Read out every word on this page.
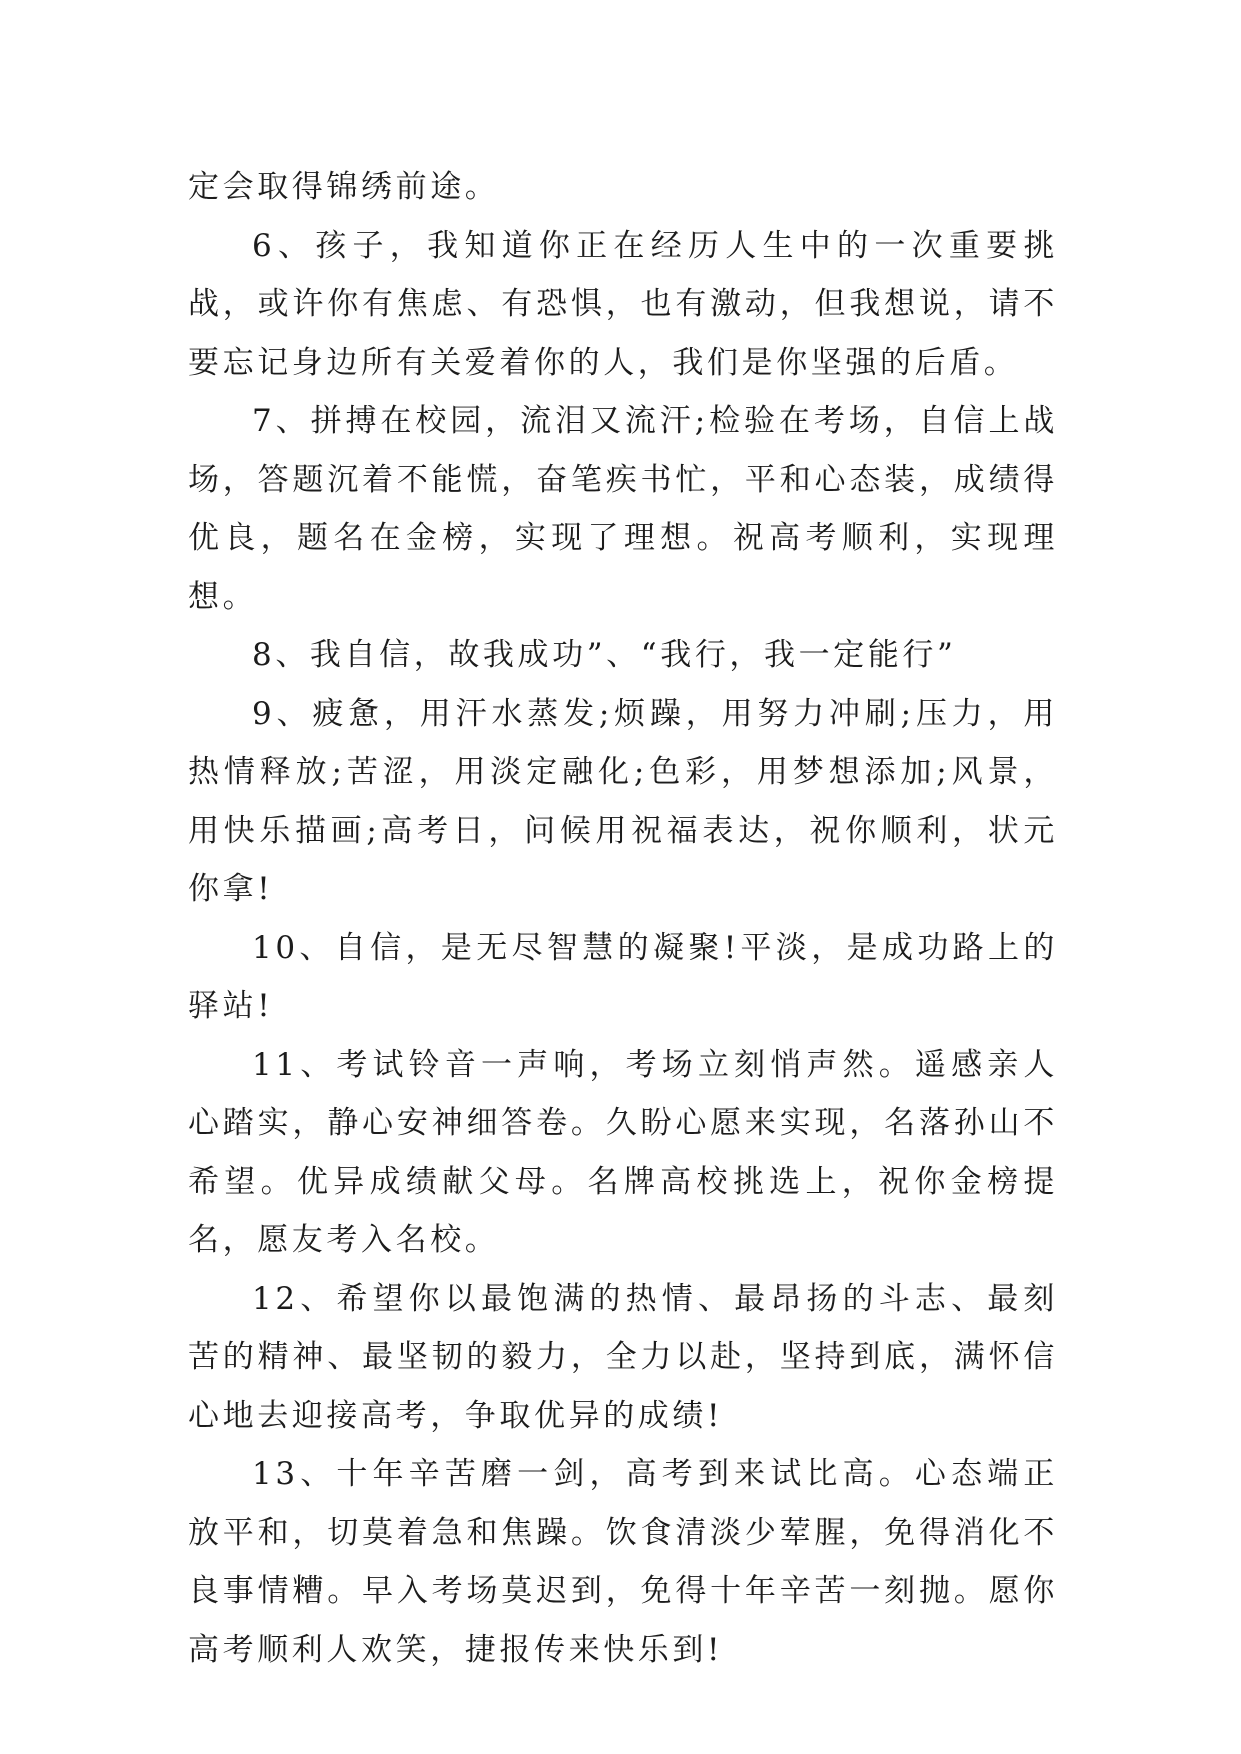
定会取得锦绣前途。

6、孩子，我知道你正在经历人生中的一次重要挑战，或许你有焦虑、有恐惧，也有激动，但我想说，请不要忘记身边所有关爱着你的人，我们是你坚强的后盾。

7、拼搏在校园，流泪又流汗;检验在考场，自信上战场，答题沉着不能慌，奋笔疾书忙，平和心态装，成绩得优良，题名在金榜，实现了理想。祝高考顺利，实现理想。

8、我自信，故我成功”、“我行，我一定能行”

9、疲惫，用汗水蒸发;烦躁，用努力冲刷;压力，用热情释放;苦涩，用淡定融化;色彩，用梦想添加;风景，用快乐描画;高考日，问候用祝福表达，祝你顺利，状元你拿!

10、自信，是无尽智慧的凝聚!平淡，是成功路上的驿站!

11、考试铃音一声响，考场立刻悄声然。遥感亲人心踏实，静心安神细答卷。久盼心愿来实现，名落孙山不希望。优异成绩献父母。名牌高校挑选上，祝你金榜提名，愿友考入名校。

12、希望你以最饱满的热情、最昂扬的斗志、最刻苦的精神、最坚韧的毅力，全力以赴，坚持到底，满怀信心地去迎接高考，争取优异的成绩!

13、十年辛苦磨一剑，高考到来试比高。心态端正放平和，切莫着急和焦躁。饮食清淡少荤腥，免得消化不良事情糟。早入考场莫迟到，免得十年辛苦一刻抛。愿你高考顺利人欢笑，捷报传来快乐到!
